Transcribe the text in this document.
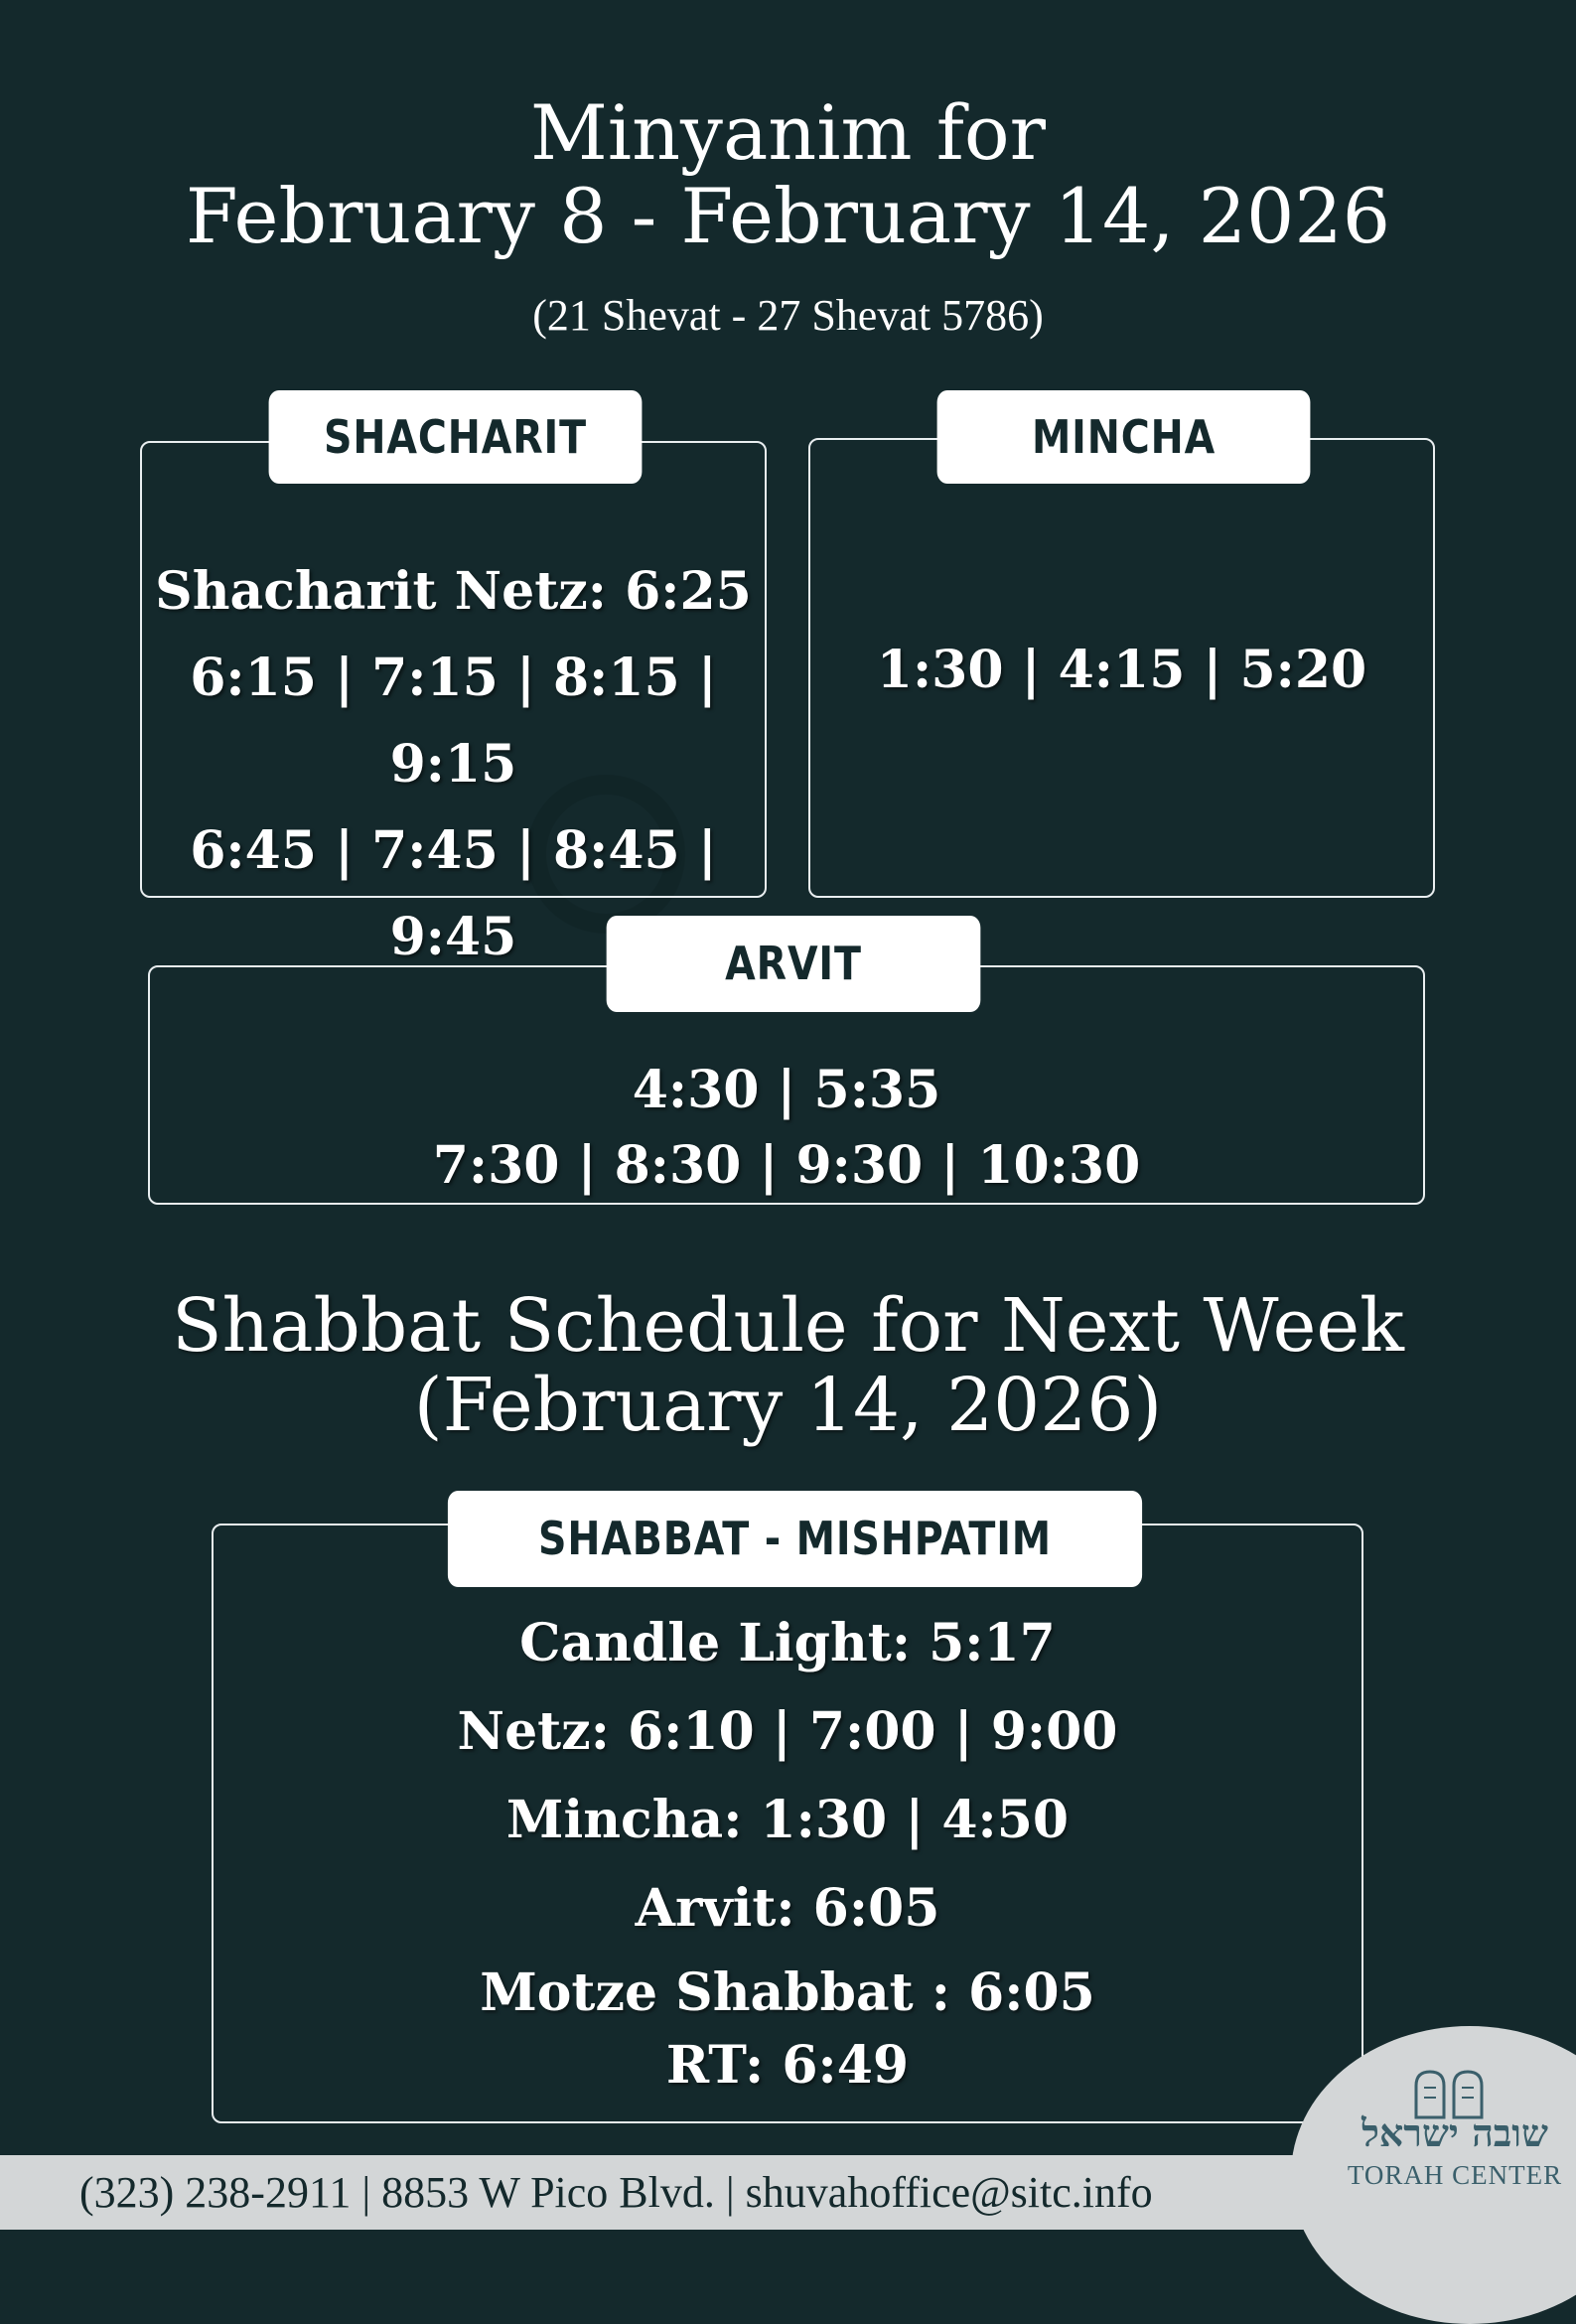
Minyanim for
February 8 - February 14, 2026
(21 Shevat - 27 Shevat 5786)
SHACHARIT
Shacharit Netz: 6:25
6:15 | 7:15 | 8:15 | 9:15
6:45 | 7:45 | 8:45 | 9:45
MINCHA
1:30 | 4:15 | 5:20
ARVIT
4:30 | 5:35
7:30 | 8:30 | 9:30 | 10:30
Shabbat Schedule for Next Week
(February 14, 2026)
SHABBAT - MISHPATIM
Candle Light: 5:17
Netz: 6:10 | 7:00 | 9:00
Mincha: 1:30 | 4:50
Arvit: 6:05
Motze Shabbat : 6:05
RT: 6:49
(323) 238-2911 | 8853 W Pico Blvd. | shuvahoffice@sitc.info
שובה ישראל
TORAH CENTER
